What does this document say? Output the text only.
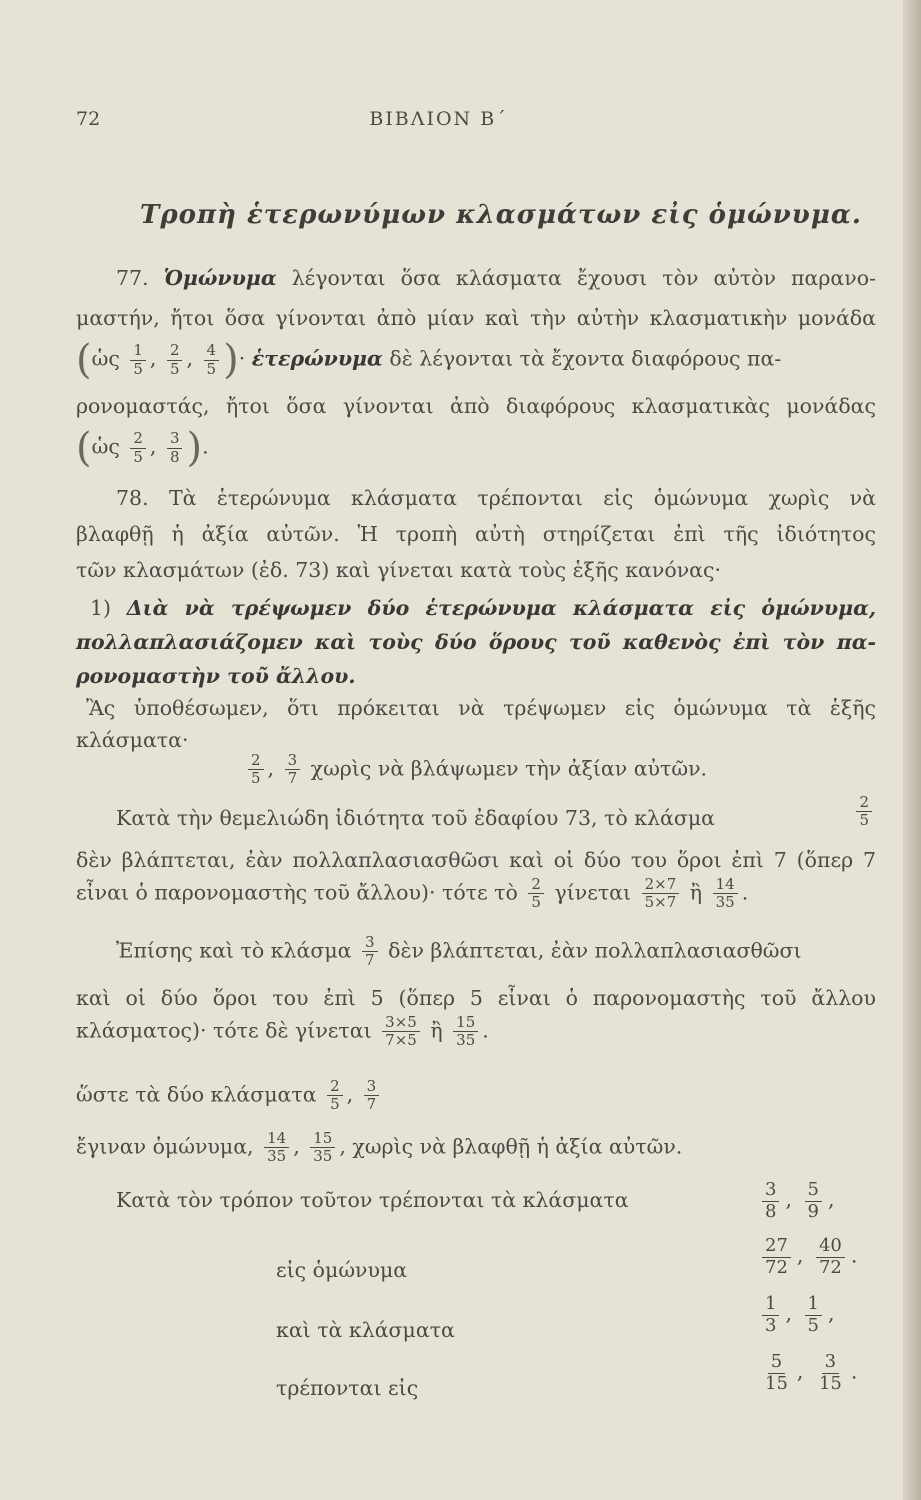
72	ΒΙΒΛΙΟΝ Β΄
Τροπὴ ἑτερωνύμων κλασμάτων εἰς ὁμώνυμα.
77. Ὁμώνυμα λέγονται ὅσα κλάσματα ἔχουσι τὸν αὐτὸν παρανο-
μαστήν, ἤτοι ὅσα γίνονται ἀπὸ μίαν καὶ τὴν αὐτὴν κλασματικὴν μονάδα
(ὡς $\frac{1}{5}$ , $\frac{2}{5}$ , $\frac{4}{5}$ )· ἑτερώνυμα δὲ λέγονται τὰ ἔχοντα διαφόρους πα-
ρονομαστάς, ἤτοι ὅσα γίνονται ἀπὸ διαφόρους κλασματικὰς μονάδας
(ὡς $\frac{2}{5}$ , $\frac{3}{8}$ ).
78. Τὰ ἑτερώνυμα κλάσματα τρέπονται εἰς ὁμώνυμα χωρὶς νὰ
βλαφθῇ ἡ ἀξία αὐτῶν. Ἡ τροπὴ αὐτὴ στηρίζεται ἐπὶ τῆς ἰδιότητος
τῶν κλασμάτων (ἐδ. 73) καὶ γίνεται κατὰ τοὺς ἑξῆς κανόνας·
1) Διὰ νὰ τρέψωμεν δύο ἑτερώνυμα κλάσματα εἰς ὁμώνυμα,
πολλαπλασιάζομεν καὶ τοὺς δύο ὅρους τοῦ καθενὸς ἐπὶ τὸν πα-
ρονομαστὴν τοῦ ἄλλου.
Ἂς ὑποθέσωμεν, ὅτι πρόκειται νὰ τρέψωμεν εἰς ὁμώνυμα τὰ ἑξῆς
κλάσματα·
$\frac{2}{5}$ , $\frac{3}{7}$ χωρὶς νὰ βλάψωμεν τὴν ἀξίαν αὐτῶν.
Κατὰ τὴν θεμελιώδη ἰδιότητα τοῦ ἐδαφίου 73, τὸ κλάσμα	$\frac{2}{5}$
δὲν βλάπτεται, ἐὰν πολλαπλασιασθῶσι καὶ οἱ δύο του ὅροι ἐπὶ 7 (ὅπερ 7
εἶναι ὁ παρονομαστὴς τοῦ ἄλλου)· τότε τὸ $\frac{2}{5}$ γίνεται $\frac{2\times 7}{5\times 7}$ ἢ $\frac{14}{35}$ .
Ἐπίσης καὶ τὸ κλάσμα $\frac{3}{7}$ δὲν βλάπτεται, ἐὰν πολλαπλασιασθῶσι
καὶ οἱ δύο ὅροι του ἐπὶ 5 (ὅπερ 5 εἶναι ὁ παρονομαστὴς τοῦ ἄλλου
κλάσματος)· τότε δὲ γίνεται $\frac{3\times 5}{7\times 5}$ ἢ $\frac{15}{35}$ .
ὥστε τὰ δύο κλάσματα $\frac{2}{5}$ , $\frac{3}{7}$
ἔγιναν ὁμώνυμα, $\frac{14}{35}$ , $\frac{15}{35}$ , χωρὶς νὰ βλαφθῇ ἡ ἀξία αὐτῶν.
Κατὰ τὸν τρόπον τοῦτον τρέπονται τὰ κλάσματα	$\frac{3}{8}$ , $\frac{5}{9}$ ,
εἰς ὁμώνυμα	$\frac{27}{72}$ , $\frac{40}{72}$ .
καὶ τὰ κλάσματα	$\frac{1}{3}$ , $\frac{1}{5}$ ,
τρέπονται εἰς	$\frac{5}{15}$ , $\frac{3}{15}$ .
